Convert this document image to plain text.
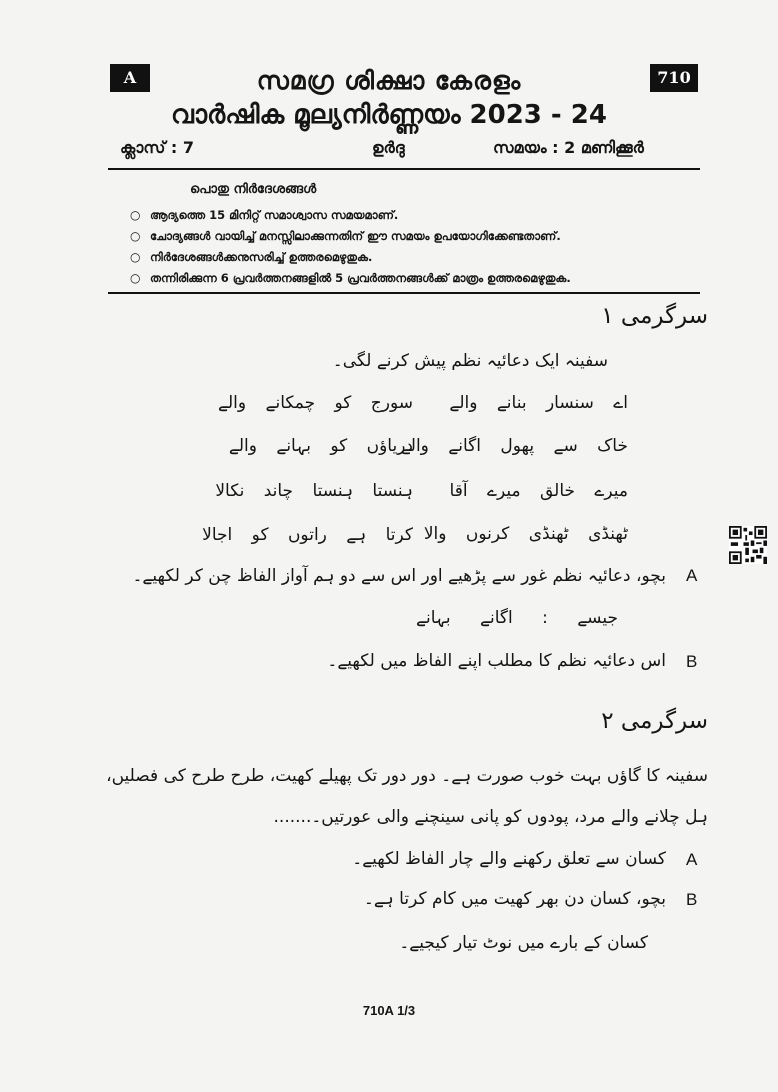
A	710
സമഗ്ര ശിക്ഷാ കേരളം
വാർഷിക മൂല്യനിർണ്ണയം 2023 - 24
ക്ലാസ് : 7	ഉർദു	സമയം : 2 മണിക്കൂർ
പൊതു നിർദേശങ്ങൾ
○ ആദ്യത്തെ 15 മിനിറ്റ് സമാശ്വാസ സമയമാണ്.
○ ചോദ്യങ്ങൾ വായിച്ച് മനസ്സിലാക്കുന്നതിന് ഈ സമയം ഉപയോഗിക്കേണ്ടതാണ്.
○ നിർദേശങ്ങൾക്കനുസരിച്ച് ഉത്തരമെഴുതുക.
○ തന്നിരിക്കുന്ന 6 പ്രവർത്തനങ്ങളിൽ 5 പ്രവർത്തനങ്ങൾക്ക് മാത്രം ഉത്തരമെഴുതുക.
سرگرمی ۱
سفینہ ایک دعائیہ نظم پیش کرنے لگی۔
اے سنسار بنانے والے
سورج کو چمکانے والے
خاک سے پھول اگانے والے
دریاؤں کو بہانے والے
میرے خالق میرے آقا
ہنستا ہنستا چاند نکالا
ٹھنڈی ٹھنڈی کرنوں والا
کرتا ہے راتوں کو اجالا
A
بچو، دعائیہ نظم غور سے پڑھیے اور اس سے دو ہم آواز الفاظ چن کر لکھیے۔
جیسے : اگانے بہانے
B
اس دعائیہ نظم کا مطلب اپنے الفاظ میں لکھیے۔
سرگرمی ۲
سفینہ کا گاؤں بہت خوب صورت ہے۔ دور دور تک پھیلے کھیت، طرح طرح کی فصلیں،
ہل چلانے والے مرد، پودوں کو پانی سینچنے والی عورتیں۔.......
A
کسان سے تعلق رکھنے والے چار الفاظ لکھیے۔
B
بچو، کسان دن بھر کھیت میں کام کرتا ہے۔
کسان کے بارے میں نوٹ تیار کیجیے۔
710A 1/3
